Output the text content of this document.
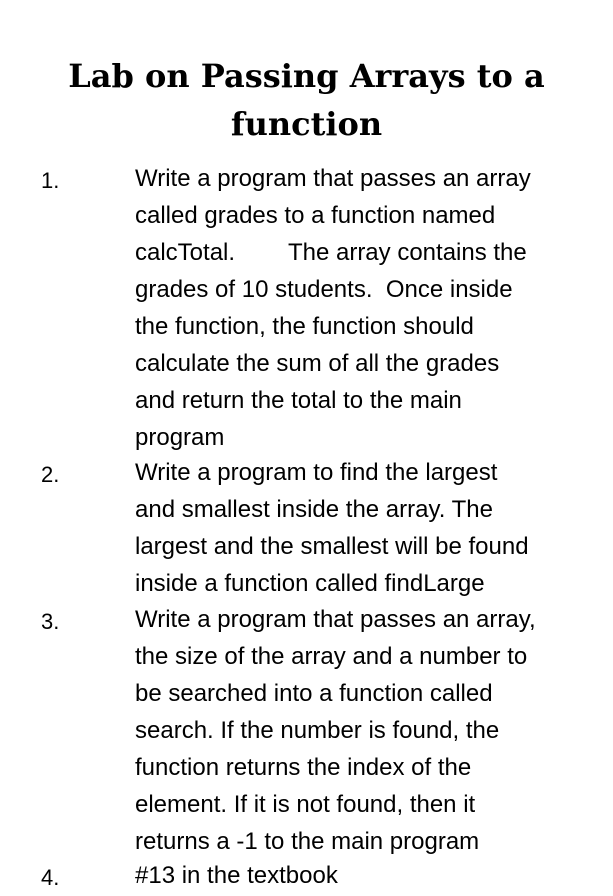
Lab on Passing Arrays to a
function
1.	Write a program that passes an array
called grades to a function named
calcTotal.        The array contains the
grades of 10 students.  Once inside
the function, the function should
calculate the sum of all the grades
and return the total to the main
program
2.	Write a program to find the largest
and smallest inside the array. The
largest and the smallest will be found
inside a function called findLarge
3.	Write a program that passes an array,
the size of the array and a number to
be searched into a function called
search. If the number is found, the
function returns the index of the
element. If it is not found, then it
returns a -1 to the main program
4.	#13 in the textbook
